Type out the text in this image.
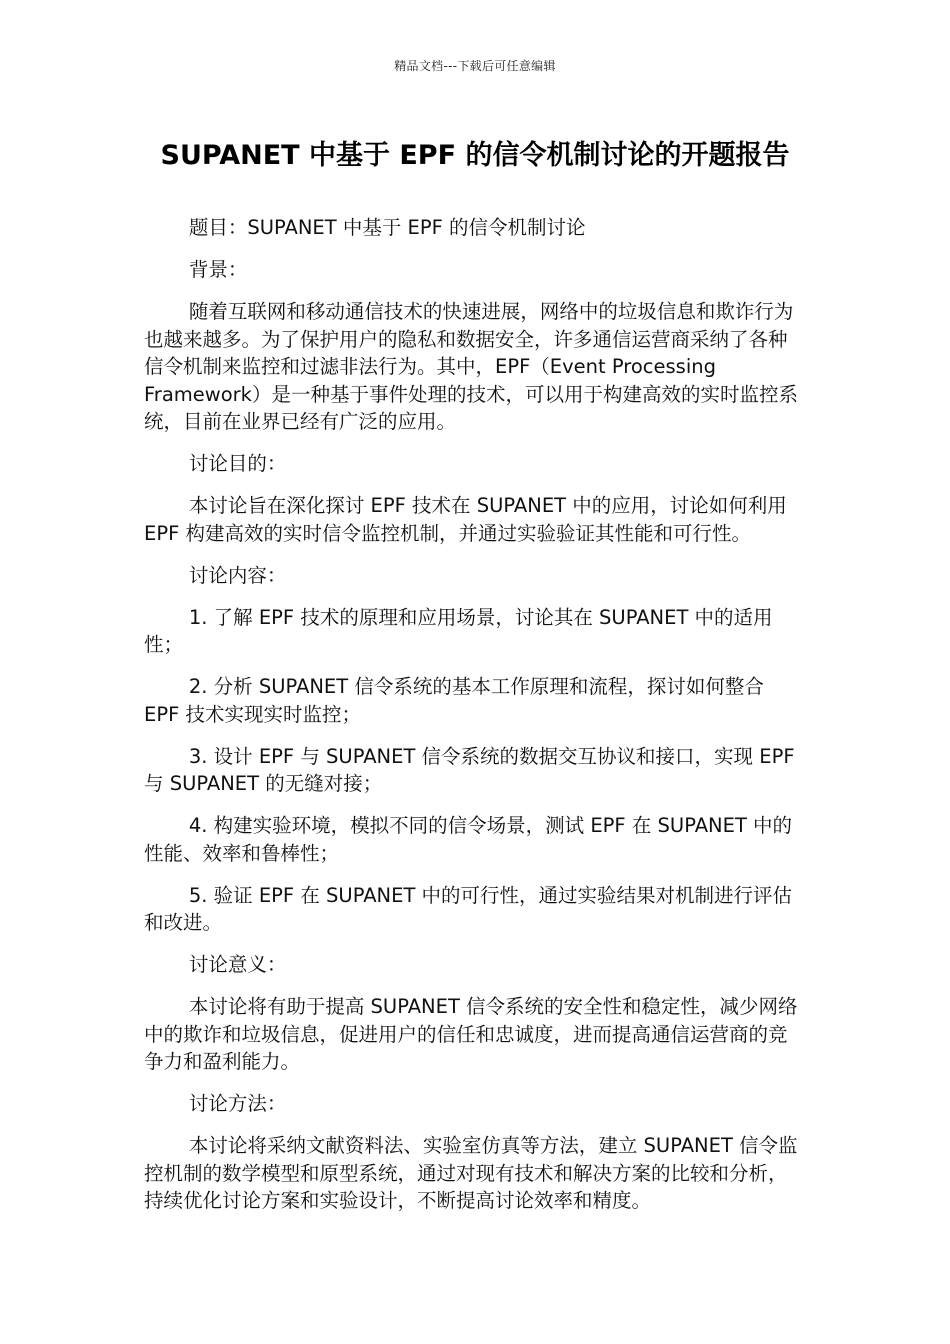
精品文档---下载后可任意编辑
SUPANET 中基于 EPF 的信令机制讨论的开题报告

题目：SUPANET 中基于 EPF 的信令机制讨论

背景：

随着互联网和移动通信技术的快速进展，网络中的垃圾信息和欺诈行为也越来越多。为了保护用户的隐私和数据安全，许多通信运营商采纳了各种信令机制来监控和过滤非法行为。其中，EPF（Event Processing Framework）是一种基于事件处理的技术，可以用于构建高效的实时监控系统，目前在业界已经有广泛的应用。

讨论目的：

本讨论旨在深化探讨 EPF 技术在 SUPANET 中的应用，讨论如何利用 EPF 构建高效的实时信令监控机制，并通过实验验证其性能和可行性。

讨论内容：

1. 了解 EPF 技术的原理和应用场景，讨论其在 SUPANET 中的适用性；

2. 分析 SUPANET 信令系统的基本工作原理和流程，探讨如何整合 EPF 技术实现实时监控；

3. 设计 EPF 与 SUPANET 信令系统的数据交互协议和接口，实现 EPF 与 SUPANET 的无缝对接；

4. 构建实验环境，模拟不同的信令场景，测试 EPF 在 SUPANET 中的性能、效率和鲁棒性；

5. 验证 EPF 在 SUPANET 中的可行性，通过实验结果对机制进行评估和改进。

讨论意义：

本讨论将有助于提高 SUPANET 信令系统的安全性和稳定性，减少网络中的欺诈和垃圾信息，促进用户的信任和忠诚度，进而提高通信运营商的竞争力和盈利能力。

讨论方法：

本讨论将采纳文献资料法、实验室仿真等方法，建立 SUPANET 信令监控机制的数学模型和原型系统，通过对现有技术和解决方案的比较和分析，持续优化讨论方案和实验设计，不断提高讨论效率和精度。
